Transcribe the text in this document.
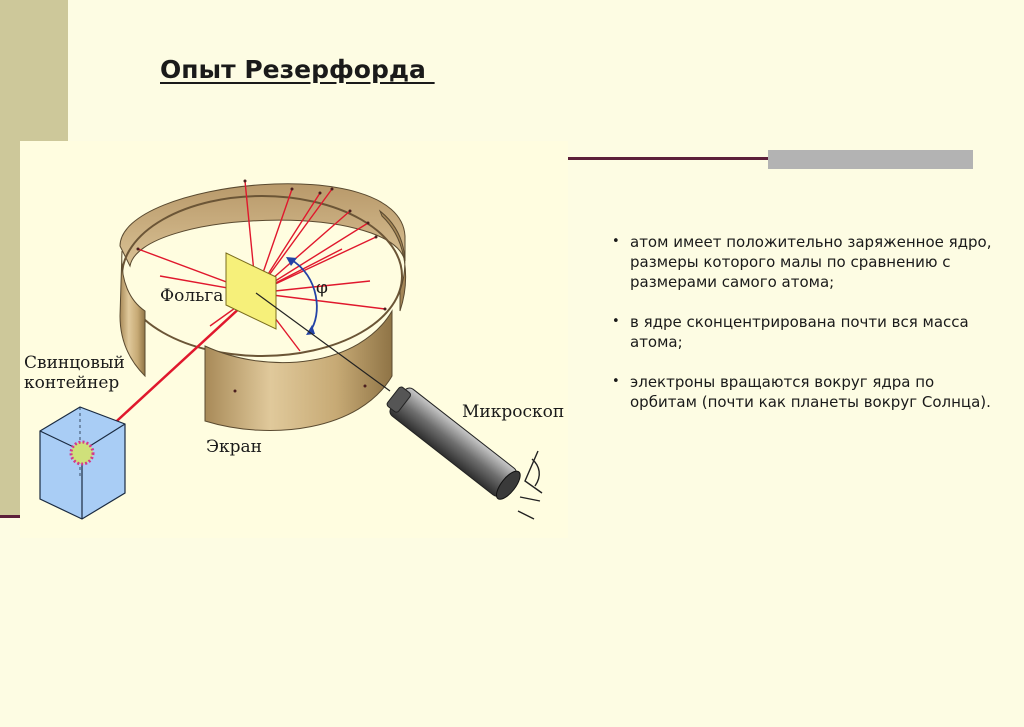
Опыт Резерфорда
Фольга	φ
Свинцовый
контейнер
Экран
Микроскоп
• атом имеет положительно заряженное ядро, размеры которого малы по сравнению с размерами самого атома;
• в ядре сконцентрирована почти вся масса атома;
• электроны вращаются вокруг ядра по орбитам (почти как планеты вокруг Солнца).
